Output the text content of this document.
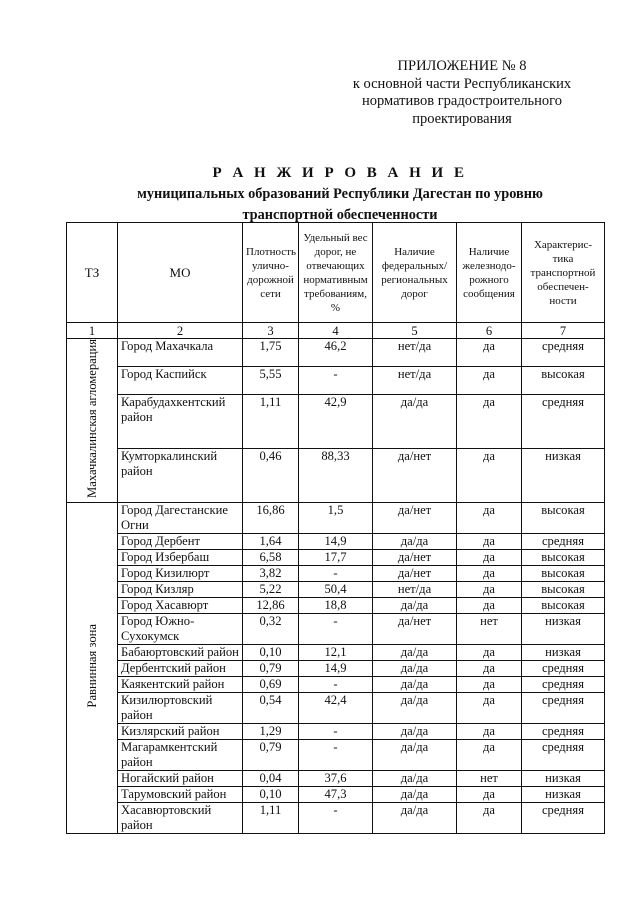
ПРИЛОЖЕНИЕ № 8
к основной части Республиканских
нормативов градостроительного
проектирования
Р А Н Ж И Р О В А Н И Е
муниципальных образований Республики Дагестан по уровню
транспортной обеспеченности
ТЗ	МО	Плотность улично-дорожной сети	Удельный вес дорог, не отвечающих нормативным требованиям, %	Наличие федеральных/ региональных дорог	Наличие железнодо-рожного сообщения	Характерис-тика транспортной обеспечен-ности
1	2	3	4	5	6	7
Махачкалинская агломерация	Город Махачкала	1,75	46,2	нет/да	да	средняя
	Город Каспийск	5,55	-	нет/да	да	высокая
	Карабудахкентский район	1,11	42,9	да/да	да	средняя
	Кумторкалинский район	0,46	88,33	да/нет	да	низкая
Равнинная зона	Город Дагестанские Огни	16,86	1,5	да/нет	да	высокая
	Город Дербент	1,64	14,9	да/да	да	средняя
	Город Избербаш	6,58	17,7	да/нет	да	высокая
	Город Кизилюрт	3,82	-	да/нет	да	высокая
	Город Кизляр	5,22	50,4	нет/да	да	высокая
	Город Хасавюрт	12,86	18,8	да/да	да	высокая
	Город Южно-Сухокумск	0,32	-	да/нет	нет	низкая
	Бабаюртовский район	0,10	12,1	да/да	да	низкая
	Дербентский район	0,79	14,9	да/да	да	средняя
	Каякентский район	0,69	-	да/да	да	средняя
	Кизилюртовский район	0,54	42,4	да/да	да	средняя
	Кизлярский район	1,29	-	да/да	да	средняя
	Магарамкентский район	0,79	-	да/да	да	средняя
	Ногайский район	0,04	37,6	да/да	нет	низкая
	Тарумовский район	0,10	47,3	да/да	да	низкая
	Хасавюртовский район	1,11	-	да/да	да	средняя
